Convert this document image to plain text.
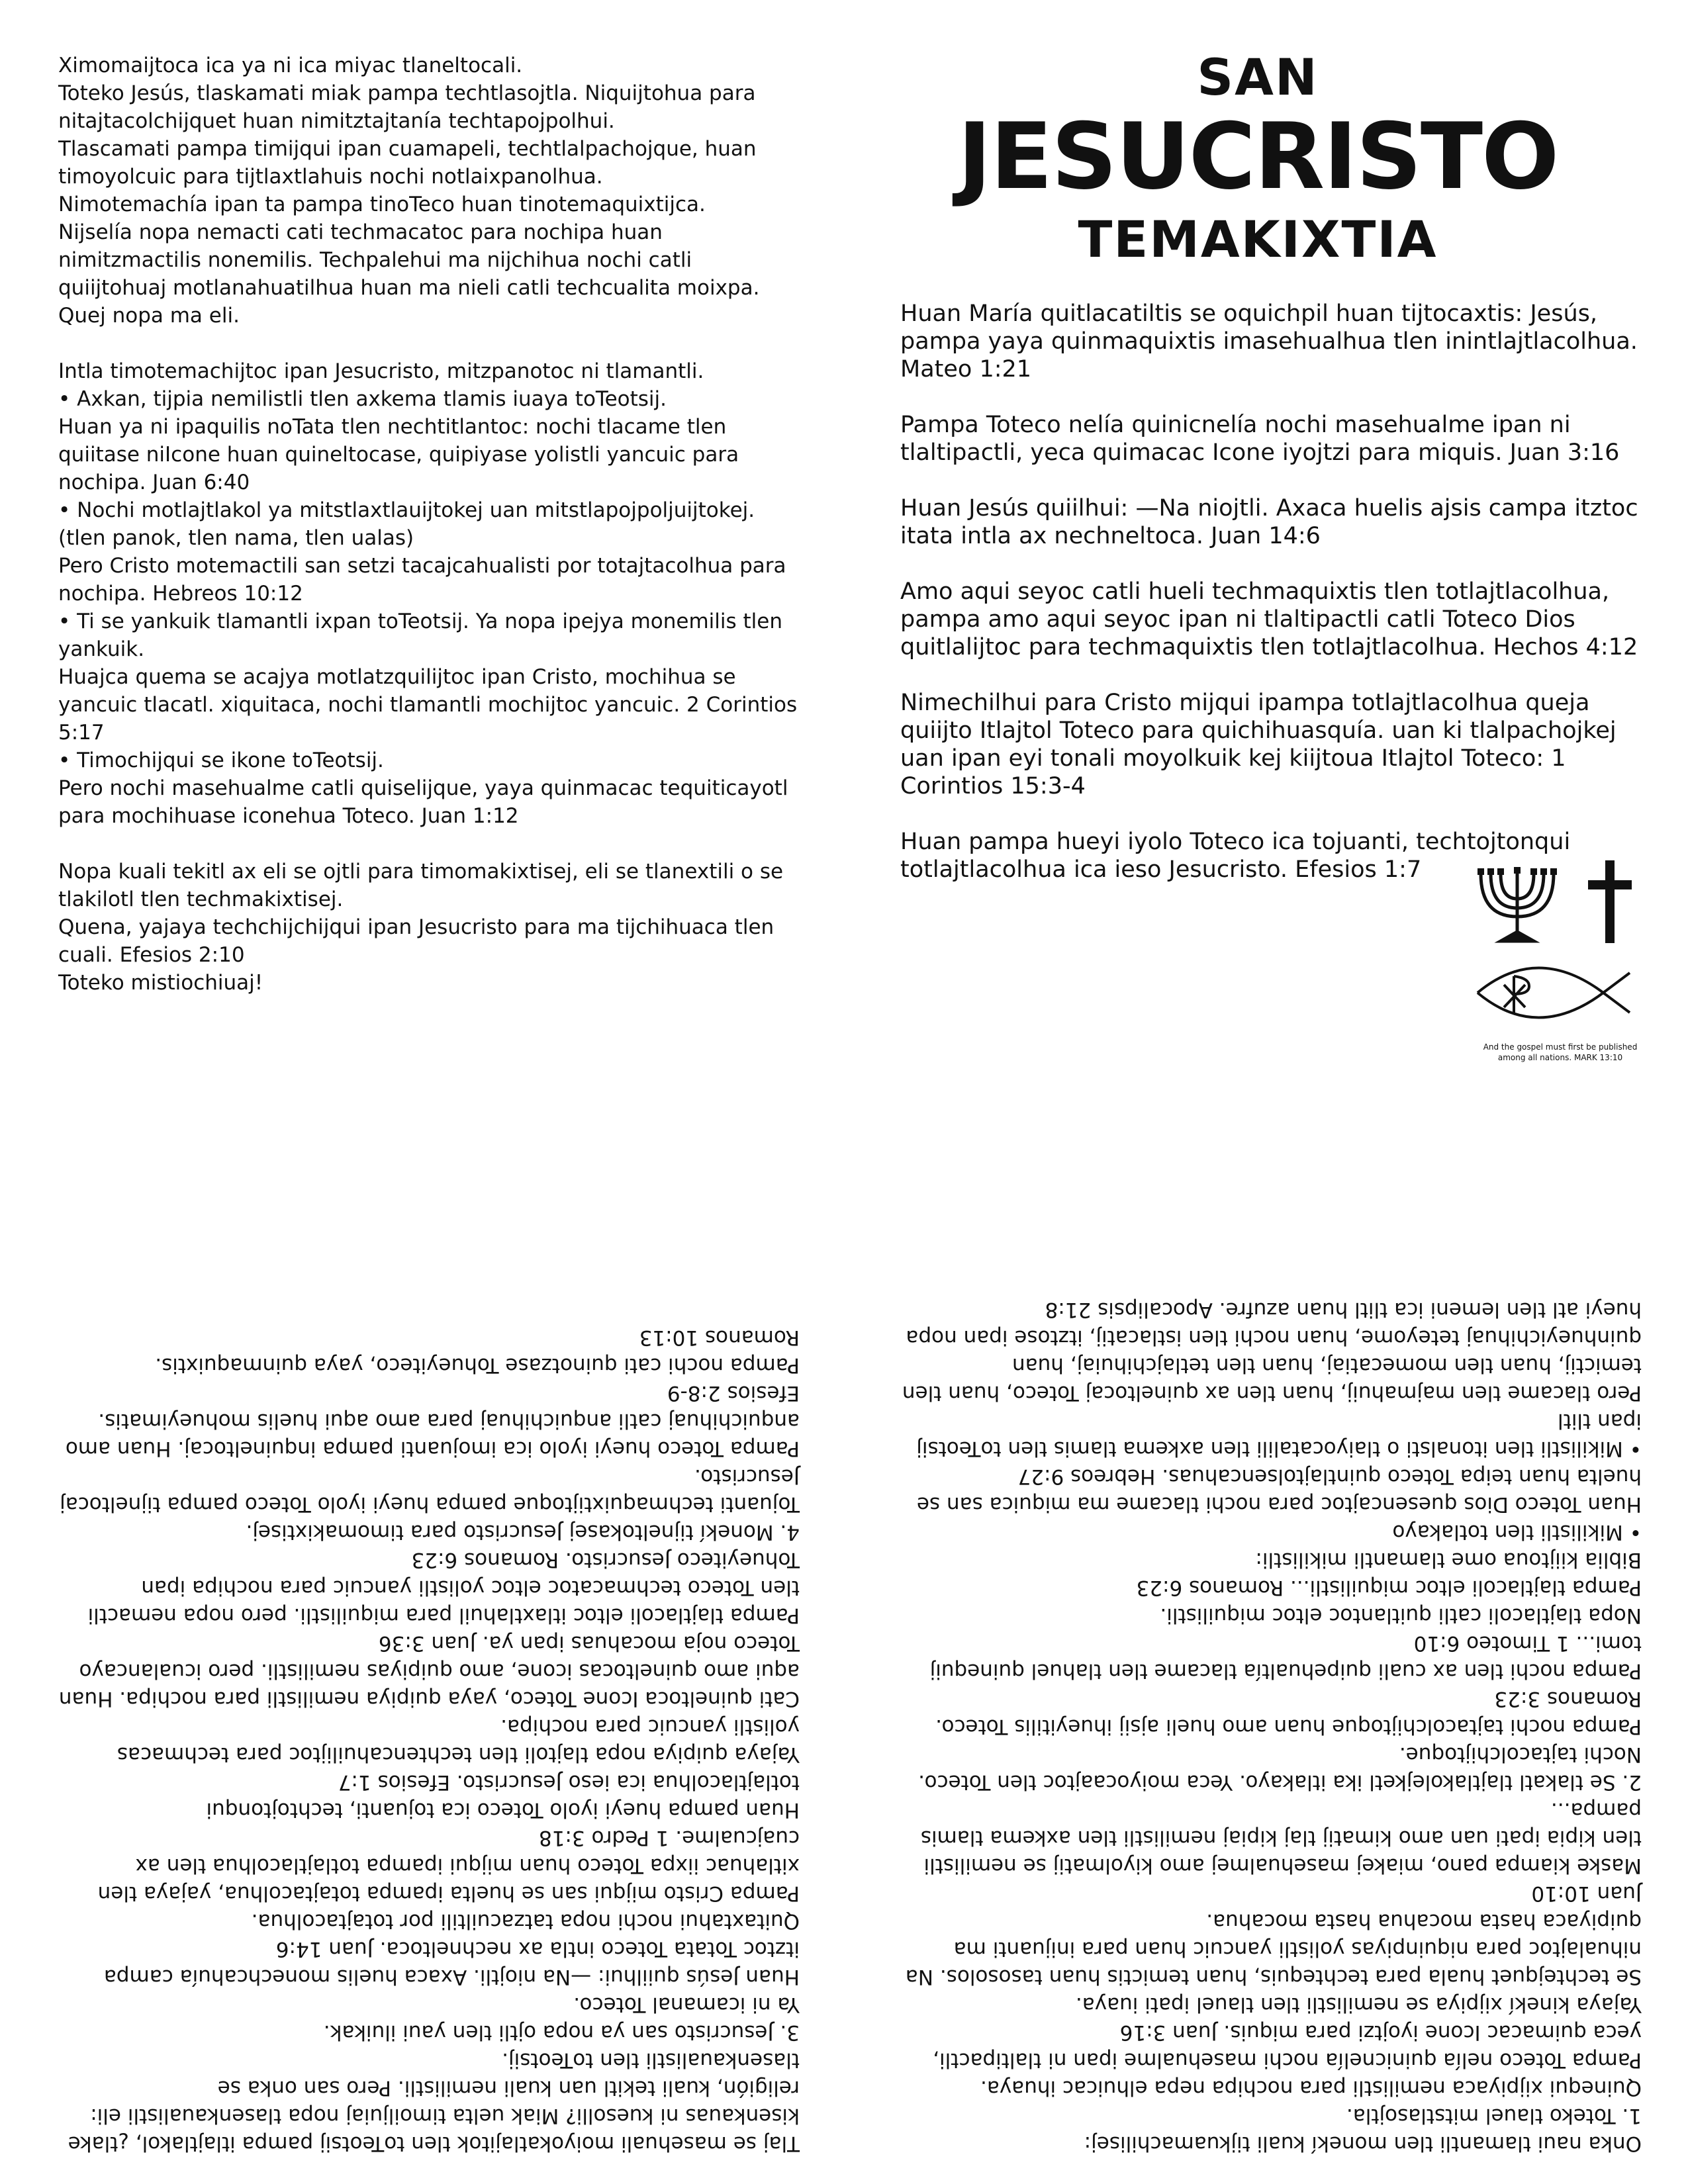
Ximomaijtoca ica ya ni ica miyac tlaneltocali.
Toteko Jesús, tlaskamati miak pampa techtlasojtla. Niquijtohua para nitajtacolchijquet huan nimitztajtanía techtapojpolhui.
Tlascamati pampa timijqui ipan cuamapeli, techtlalpachojque, huan timoyolcuic para tijtlaxtlahuis nochi notlaixpanolhua.
Nimotemachía ipan ta pampa tinoTeco huan tinotemaquixtijca.
Nijselía nopa nemacti cati techmacatoc para nochipa huan nimitzmactilis nonemilis. Techpalehui ma nijchihua nochi catli quiijtohuaj motlanahuatilhua huan ma nieli catli techcualita moixpa. Quej nopa ma eli.

Intla timotemachijtoc ipan Jesucristo, mitzpanotoc ni tlamantli.
• Axkan, tijpia nemilistli tlen axkema tlamis iuaya toTeotsij.
Huan ya ni ipaquilis noTata tlen nechtitlantoc: nochi tlacame tlen quiitase niIcone huan quineltocase, quipiyase yolistli yancuic para nochipa. Juan 6:40
• Nochi motlajtlakol ya mitstlaxtlauijtokej uan mitstlapojpoljuijtokej.
(tlen panok, tlen nama, tlen ualas)
Pero Cristo motemactili san setzi tacajcahualisti por totajtacolhua para nochipa. Hebreos 10:12
• Ti se yankuik tlamantli ixpan toTeotsij. Ya nopa ipejya monemilis tlen yankuik.
Huajca quema se acajya motlatzquilijtoc ipan Cristo, mochihua se yancuic tlacatl. xiquitaca, nochi tlamantli mochijtoc yancuic. 2 Corintios 5:17
• Timochijqui se ikone toTeotsij.
Pero nochi masehualme catli quiselijque, yaya quinmacac tequiticayotl para mochihuase iconehua Toteco. Juan 1:12

Nopa kuali tekitl ax eli se ojtli para timomakixtisej, eli se tlanextili o se tlakilotl tlen techmakixtisej.
Quena, yajaya techchijchijqui ipan Jesucristo para ma tijchihuaca tlen cuali. Efesios 2:10
Toteko mistiochiuaj!

SAN

JESUCRISTO

TEMAKIXTIA

Huan María quitlacatiltis se oquichpil huan tijtocaxtis: Jesús, pampa yaya quinmaquixtis imasehualhua tlen inintlajtlacolhua. Mateo 1:21

Pampa Toteco nelía quinicnelía nochi masehualme ipan ni tlaltipactli, yeca quimacac Icone iyojtzi para miquis. Juan 3:16

Huan Jesús quiilhui: —Na niojtli. Axaca huelis ajsis campa itztoc itata intla ax nechneltoca. Juan 14:6

Amo aqui seyoc catli hueli techmaquixtis tlen totlajtlacolhua, pampa amo aqui seyoc ipan ni tlaltipactli catli Toteco Dios quitlalijtoc para techmaquixtis tlen totlajtlacolhua. Hechos 4:12

Nimechilhui para Cristo mijqui ipampa totlajtlacolhua queja quiijto Itlajtol Toteco para quichihuasquía. uan ki tlalpachojkej uan ipan eyi tonali moyolkuik kej kiijtoua Itlajtol Toteco: 1 Corintios 15:3-4

Huan pampa hueyi iyolo Toteco ica tojuanti, techtojtonqui totlajtlacolhua ica ieso Jesucristo. Efesios 1:7

And the gospel must first be published among all nations. MARK 13:10

Tlaj se masehuali moiyokatlajitok tlen toTeotsij pampa itlajtlakol, ¿tlake kisenkauas ni kuesolli? Miak uelta timoiljuiaj nopa tlasenkaualistli eli: religión, kuali tekitl uan kuali nemilistli. Pero san onka se tlasenkaualistli tlen toTeotsij.
3. Jesucristo san ya nopa ojtli tlen yaui iluikak.
Ya ni icamanal Toteco.
Huan Jesús quiilhui: —Na niojtli. Axaca huelis monechcahuía campa itztoc Totata Toteco intla ax nechneltoca. Juan 14:6
Quitaxtahui nochi nopa tatzacuiltili por totajtacolhua.
Pampa Cristo mijqui san se huelta ipampa totajtacolhua, yajaya tlen xitlahuac iixpa Toteco huan mijqui ipampa totlajtlacolhua tlen ax cuajcualme. 1 Pedro 3:18
Huan pampa hueyi iyolo Toteco ica tojuanti, techtojtonqui totlajtlacolhua ica ieso Jesucristo. Efesios 1:7
Yajaya quipiya nopa tlajtoli tlen techtencahuilijtoc para techmacas yolistli yancuic para nochipa.
Cati quineltoca Icone Toteco, yaya quipiya nemilistli para nochipa. Huan aqui amo quineltocas icone, amo quipiyas nemilistli. pero icualancayo Toteco noja mocahuas ipan ya. Juan 3:36
Pampa tlajtlacoli eltoc itlaxtlahuil para miquilistli. pero nopa nemactli tlen Toteco techmacatoc eltoc yolistli yancuic para nochipa ipan Tohueyiteco Jesucristo. Romanos 6:23
4. Monekí tijneltokasej Jesucristo para timomakixtisej.
Tojuanti techmaquixtijtoque pampa hueyi iyolo Toteco pampa tijneltocaj Jesucristo.
Pampa Toteco hueyi iyolo ica imojuanti pampa inquineltocaj. Huan amo anquichihuaj catli anquichihuaj para amo aqui huelis mohueyimatis. Efesios 2:8-9
Pampa nochi cati quinotzase Tohueyiteco, yaya quinmaquixtis. Romanos 10:13

Onka naui tlamantli tlen monekí kuali tijkuamachilisej:
1. Toteko tlauel mitstlasojtla.
Quinequi xijpiyaca nemilistli para nochipa nepa elhuicac ihuaya.
Pampa Toteco nelía quinicnelía nochi masehualme ipan ni tlaltipactli, yeca quimacac Icone iyojtzi para miquis. Juan 3:16
Yajaya kinekí xijpiya se nemilistli tlen tlauel ipati iuaya.
Se techtejquet huala para techtequis, huan temictis huan tasosolos. Na nihualajtoc para niquinpiyas yolistli yancuic huan para inijuanti ma quipiyaca hasta mocahua hasta mocahua.
Juan 10:10
Maske kiampa pano, miakej masehualmej amo kiyolmatij se nemilistli tlen kipia ipati uan amo kimatij tlaj kipiaj nemilistli tlen axkema tlamis pampa...
2. Se tlakatl tlajtlakolejketl ika itlakayo. Yeca moiyocaajtoc tlen Toteco.
Nochi tajtacolchijtoque.
Pampa nochi tajtacolchijtoque huan amo hueli ajsij ihueyitilis Toteco. Romanos 3:23
Pampa nochi tlen ax cuali quipehualtía tlacame tlen tlahuel quinequij tomi... 1 Timoteo 6:10
Nopa tlajtlacoli catli quitlantoc eltoc miquilistli.
Pampa tlajtlacoli eltoc miquilistli... Romanos 6:23
Biblia kiijtoua ome tlamantli mikilistli:
• Mikilistli tlen totlakayo
Huan Toteco Dios quesencajtoc para nochi tlacame ma miquica san se huelta huan teipa Toteco quintlajtolsencahuas. Hebreos 9:27
• Mikilistli tlen itonalsti o tlaiyocatalili tlen axkema tlamis tlen toTeotsij ipan tlitl
Pero tlacame tlen majmahuij, huan tlen ax quineltocaj Toteco, huan tlen temictij, huan tlen momecatiaj, huan tlen tetlajchihuiaj, huan quinhueyichihuaj teteyome, huan nochi tlen istlacatij, itztose ipan nopa hueyi atl tlen lemeni ica tlitl huan azufre. Apocalipsis 21:8
